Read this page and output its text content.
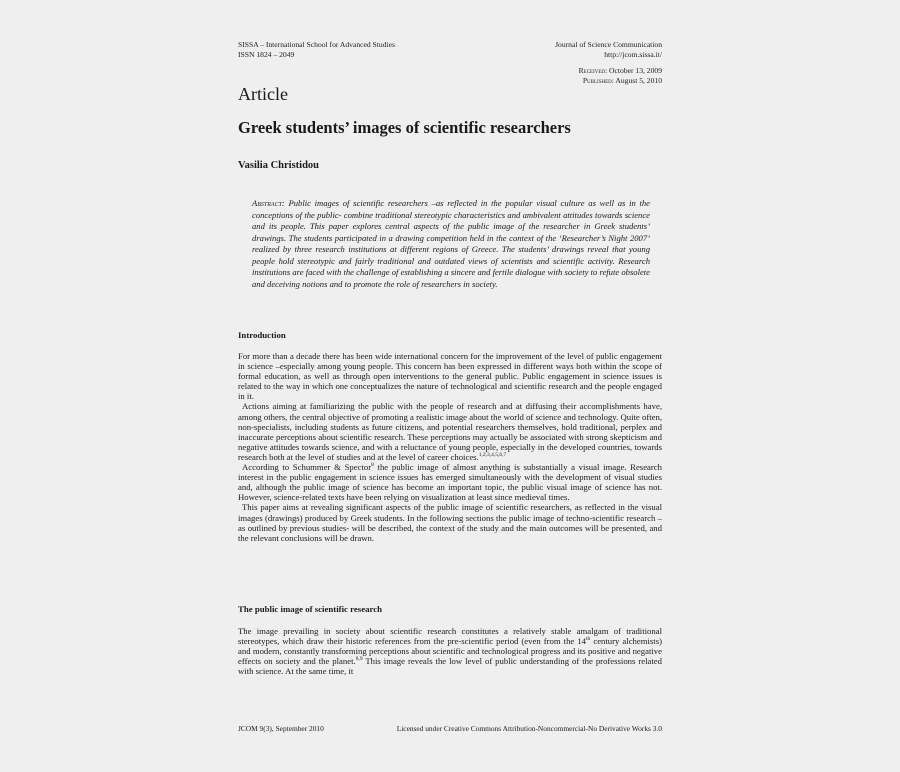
SISSA – International School for Advanced Studies
ISSN 1824 – 2049
Journal of Science Communication
http://jcom.sissa.it/
Received: October 13, 2009
Published: August 5, 2010
Article
Greek students’ images of scientific researchers
Vasilia Christidou
Abstract: Public images of scientific researchers –as reflected in the popular visual culture as well as in the conceptions of the public- combine traditional stereotypic characteristics and ambivalent attitudes towards science and its people. This paper explores central aspects of the public image of the researcher in Greek students’ drawings. The students participated in a drawing competition held in the context of the ‘Researcher’s Night 2007’ realized by three research institutions at different regions of Greece. The students’ drawings reveal that young people hold stereotypic and fairly traditional and outdated views of scientists and scientific activity. Research institutions are faced with the challenge of establishing a sincere and fertile dialogue with society to refute obsolete and deceiving notions and to promote the role of researchers in society.
Introduction

For more than a decade there has been wide international concern for the improvement of the level of public engagement in science –especially among young people. This concern has been expressed in different ways both within the scope of formal education, as well as through open interventions to the general public. Public engagement in science issues is related to the way in which one conceptualizes the nature of technological and scientific research and the people engaged in it.

Actions aiming at familiarizing the public with the people of research and at diffusing their accomplishments have, among others, the central objective of promoting a realistic image about the world of science and technology. Quite often, non-specialists, including students as future citizens, and potential researchers themselves, hold traditional, perplex and inaccurate perceptions about scientific research. These perceptions may actually be associated with strong skepticism and negative attitudes towards science, and with a reluctance of young people, especially in the developed countries, towards research both at the level of studies and at the level of career choices.$^{1,2,3,4,5,6,7}$

According to Schummer & Spector$^8$ the public image of almost anything is substantially a visual image. Research interest in the public engagement in science issues has emerged simultaneously with the development of visual studies and, although the public image of science has become an important topic, the public visual image of science has not. However, science-related texts have been relying on visualization at least since medieval times.

This paper aims at revealing significant aspects of the public image of scientific researchers, as reflected in the visual images (drawings) produced by Greek students. In the following sections the public image of techno-scientific research –as outlined by previous studies- will be described, the context of the study and the main outcomes will be presented, and the relevant conclusions will be drawn.

The public image of scientific research

The image prevailing in society about scientific research constitutes a relatively stable amalgam of traditional stereotypes, which draw their historic references from the pre-scientific period (even from the 14th century alchemists) and modern, constantly transforming perceptions about scientific and technological progress and its positive and negative effects on society and the planet.$^{8,9}$ This image reveals the low level of public understanding of the professions related with science. At the same time, it

JCOM 9(3), September 2010	Licensed under Creative Commons Attribution-Noncommercial-No Derivative Works 3.0
